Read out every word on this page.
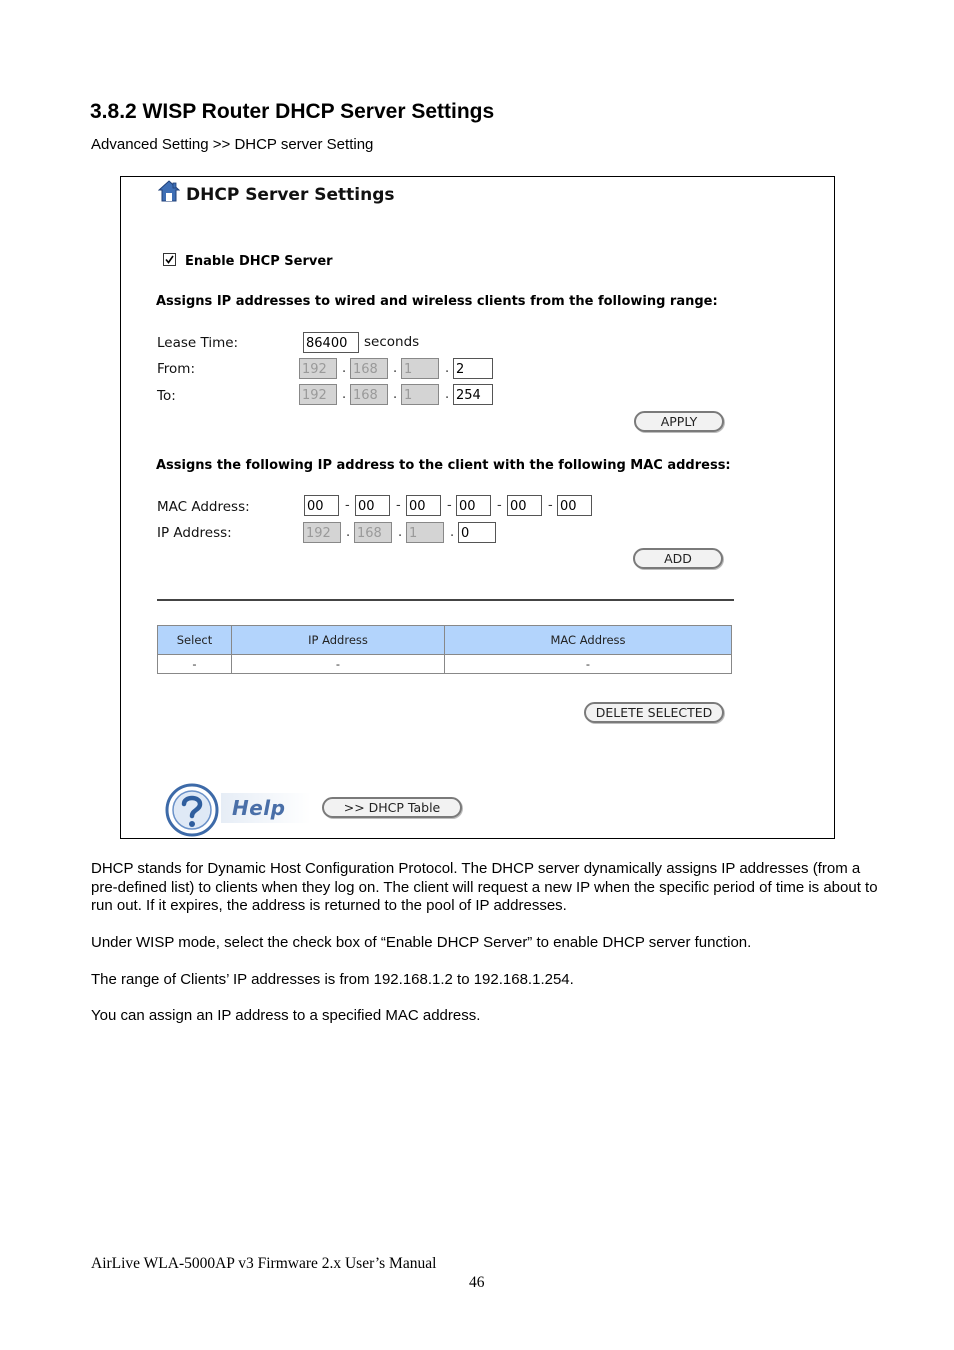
3.8.2 WISP Router DHCP Server Settings
Advanced Setting >> DHCP server Setting
DHCP Server Settings
Enable DHCP Server
Assigns IP addresses to wired and wireless clients from the following range:
Lease Time:	86400	seconds
From:	192	. 168	. 1	. 2
To:	192	. 168	. 1	. 254
APPLY
Assigns the following IP address to the client with the following MAC address:
MAC Address:	00	- 00	- 00	- 00	- 00	- 00
IP Address:	192	. 168	. 1	. 0
ADD
Select	IP Address	MAC Address
-	-	-
DELETE SELECTED
Help	>> DHCP Table
DHCP stands for Dynamic Host Configuration Protocol. The DHCP server dynamically assigns IP addresses (from a pre-defined list) to clients when they log on. The client will request a new IP when the specific period of time is about to run out. If it expires, the address is returned to the pool of IP addresses.
Under WISP mode, select the check box of “Enable DHCP Server” to enable DHCP server function.
The range of Clients’ IP addresses is from 192.168.1.2 to 192.168.1.254.
You can assign an IP address to a specified MAC address.
AirLive WLA-5000AP v3 Firmware 2.x User’s Manual
46
